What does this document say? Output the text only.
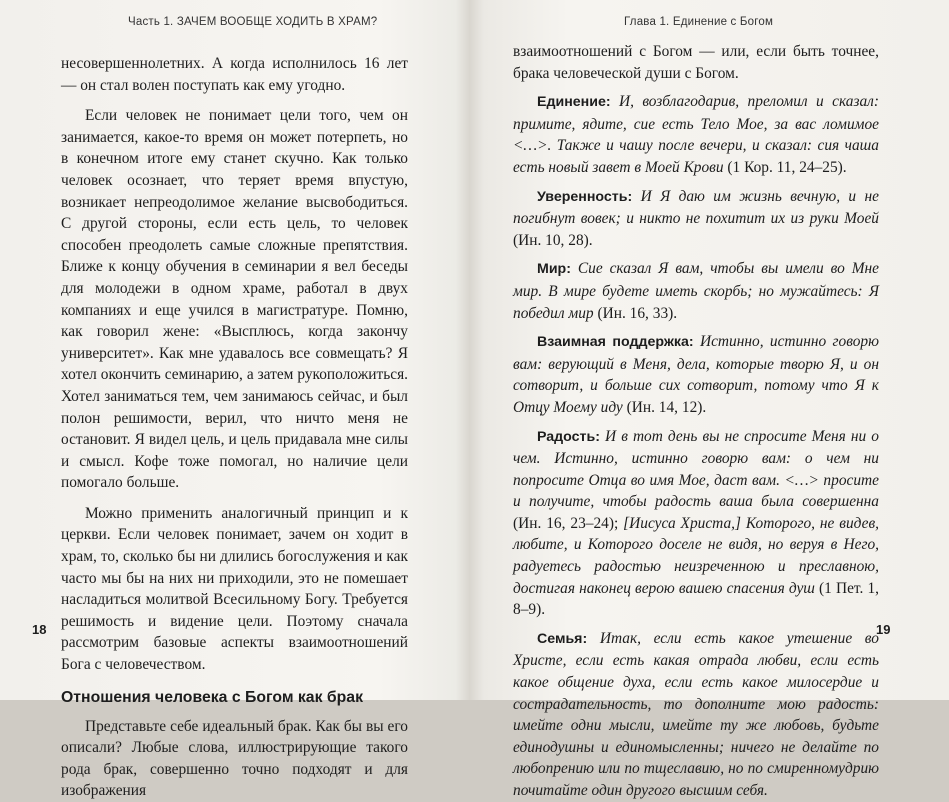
Часть 1. ЗАЧЕМ ВООБЩЕ ХОДИТЬ В ХРАМ?

несовершеннолетних. А когда исполнилось 16 лет — он стал волен поступать как ему угодно.

Если человек не понимает цели того, чем он занимается, какое-то время он может потерпеть, но в конечном итоге ему станет скучно. Как только человек осознает, что теряет время впустую, возникает непреодолимое желание высвободиться. С другой стороны, если есть цель, то человек способен преодолеть самые сложные препятствия. Ближе к концу обучения в семинарии я вел беседы для молодежи в одном храме, работал в двух компаниях и еще учился в магистратуре. Помню, как говорил жене: «Высплюсь, когда закончу университет». Как мне удавалось все совмещать? Я хотел окончить семинарию, а затем рукоположиться. Хотел заниматься тем, чем занимаюсь сейчас, и был полон решимости, верил, что ничто меня не остановит. Я видел цель, и цель придавала мне силы и смысл. Кофе тоже помогал, но наличие цели помогало больше.

Можно применить аналогичный принцип и к церкви. Если человек понимает, зачем он ходит в храм, то, сколько бы ни длились богослужения и как часто мы бы на них ни приходили, это не помешает насладиться молитвой Всесильному Богу. Требуется решимость и видение цели. Поэтому сначала рассмотрим базовые аспекты взаимоотношений Бога с человечеством.

Отношения человека с Богом как брак

Представьте себе идеальный брак. Как бы вы его описали? Любые слова, иллюстрирующие такого рода брак, совершенно точно подходят и для изображения

18
Глава 1. Единение с Богом

взаимоотношений с Богом — или, если быть точнее, брака человеческой души с Богом.

Единение: И, возблагодарив, преломил и сказал: примите, ядите, сие есть Тело Мое, за вас ломимое <…>. Также и чашу после вечери, и сказал: сия чаша есть новый завет в Моей Крови (1 Кор. 11, 24–25).

Уверенность: И Я даю им жизнь вечную, и не погибнут вовек; и никто не похитит их из руки Моей (Ин. 10, 28).

Мир: Сие сказал Я вам, чтобы вы имели во Мне мир. В мире будете иметь скорбь; но мужайтесь: Я победил мир (Ин. 16, 33).

Взаимная поддержка: Истинно, истинно говорю вам: верующий в Меня, дела, которые творю Я, и он сотворит, и больше сих сотворит, потому что Я к Отцу Моему иду (Ин. 14, 12).

Радость: И в тот день вы не спросите Меня ни о чем. Истинно, истинно говорю вам: о чем ни попросите Отца во имя Мое, даст вам. <…> просите и получите, чтобы радость ваша была совершенна (Ин. 16, 23–24); [Иисуса Христа,] Которого, не видев, любите, и Которого доселе не видя, но веруя в Него, радуетесь радостью неизреченною и преславною, достигая наконец верою вашею спасения душ (1 Пет. 1, 8–9).

Семья: Итак, если есть какое утешение во Христе, если есть какая отрада любви, если есть какое общение духа, если есть какое милосердие и сострадательность, то дополните мою радость: имейте одни мысли, имейте ту же любовь, будьте единодушны и единомысленны; ничего не делайте по любопрению или по тщеславию, но по смиренномудрию почитайте один другого высшим себя.

19
